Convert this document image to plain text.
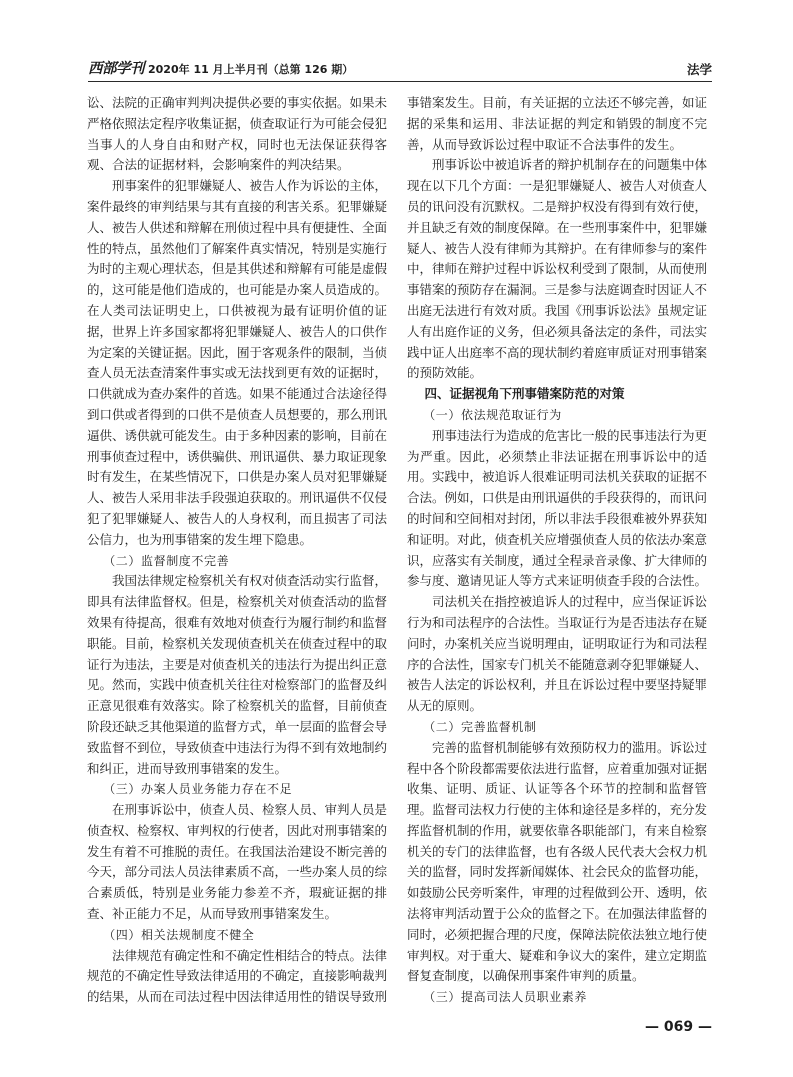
西部学刊 2020年 11 月上半月刊（总第 126 期）	法学

讼、法院的正确审判判决提供必要的事实依据。如果未严格依照法定程序收集证据，侦查取证行为可能会侵犯当事人的人身自由和财产权，同时也无法保证获得客观、合法的证据材料，会影响案件的判决结果。

刑事案件的犯罪嫌疑人、被告人作为诉讼的主体，案件最终的审判结果与其有直接的利害关系。犯罪嫌疑人、被告人供述和辩解在刑侦过程中具有便捷性、全面性的特点，虽然他们了解案件真实情况，特别是实施行为时的主观心理状态，但是其供述和辩解有可能是虚假的，这可能是他们造成的，也可能是办案人员造成的。在人类司法证明史上，口供被视为最有证明价值的证据，世界上许多国家都将犯罪嫌疑人、被告人的口供作为定案的关键证据。因此，囿于客观条件的限制，当侦查人员无法查清案件事实或无法找到更有效的证据时，口供就成为查办案件的首选。如果不能通过合法途径得到口供或者得到的口供不是侦查人员想要的，那么刑讯逼供、诱供就可能发生。由于多种因素的影响，目前在刑事侦查过程中，诱供骗供、刑讯逼供、暴力取证现象时有发生，在某些情况下，口供是办案人员对犯罪嫌疑人、被告人采用非法手段强迫获取的。刑讯逼供不仅侵犯了犯罪嫌疑人、被告人的人身权利，而且损害了司法公信力，也为刑事错案的发生埋下隐患。

（二）监督制度不完善

我国法律规定检察机关有权对侦查活动实行监督，即具有法律监督权。但是，检察机关对侦查活动的监督效果有待提高，很难有效地对侦查行为履行制约和监督职能。目前，检察机关发现侦查机关在侦查过程中的取证行为违法，主要是对侦查机关的违法行为提出纠正意见。然而，实践中侦查机关往往对检察部门的监督及纠正意见很难有效落实。除了检察机关的监督，目前侦查阶段还缺乏其他渠道的监督方式，单一层面的监督会导致监督不到位，导致侦查中违法行为得不到有效地制约和纠正，进而导致刑事错案的发生。

（三）办案人员业务能力存在不足

在刑事诉讼中，侦查人员、检察人员、审判人员是侦查权、检察权、审判权的行使者，因此对刑事错案的发生有着不可推脱的责任。在我国法治建设不断完善的今天，部分司法人员法律素质不高，一些办案人员的综合素质低，特别是业务能力参差不齐，瑕疵证据的排查、补正能力不足，从而导致刑事错案发生。

（四）相关法规制度不健全

法律规范有确定性和不确定性相结合的特点。法律规范的不确定性导致法律适用的不确定，直接影响裁判的结果，从而在司法过程中因法律适用性的错误导致刑

事错案发生。目前，有关证据的立法还不够完善，如证据的采集和运用、非法证据的判定和销毁的制度不完善，从而导致诉讼过程中取证不合法事件的发生。

刑事诉讼中被追诉者的辩护机制存在的问题集中体现在以下几个方面：一是犯罪嫌疑人、被告人对侦查人员的讯问没有沉默权。二是辩护权没有得到有效行使，并且缺乏有效的制度保障。在一些刑事案件中，犯罪嫌疑人、被告人没有律师为其辩护。在有律师参与的案件中，律师在辩护过程中诉讼权利受到了限制，从而使刑事错案的预防存在漏洞。三是参与法庭调查时因证人不出庭无法进行有效对质。我国《刑事诉讼法》虽规定证人有出庭作证的义务，但必须具备法定的条件，司法实践中证人出庭率不高的现状制约着庭审质证对刑事错案的预防效能。

四、证据视角下刑事错案防范的对策
（一）依法规范取证行为

刑事违法行为造成的危害比一般的民事违法行为更为严重。因此，必须禁止非法证据在刑事诉讼中的适用。实践中，被追诉人很难证明司法机关获取的证据不合法。例如，口供是由刑讯逼供的手段获得的，而讯问的时间和空间相对封闭，所以非法手段很难被外界获知和证明。对此，侦查机关应增强侦查人员的依法办案意识，应落实有关制度，通过全程录音录像、扩大律师的参与度、邀请见证人等方式来证明侦查手段的合法性。

司法机关在指控被追诉人的过程中，应当保证诉讼行为和司法程序的合法性。当取证行为是否违法存在疑问时，办案机关应当说明理由，证明取证行为和司法程序的合法性，国家专门机关不能随意剥夺犯罪嫌疑人、被告人法定的诉讼权利，并且在诉讼过程中要坚持疑罪从无的原则。

（二）完善监督机制

完善的监督机制能够有效预防权力的滥用。诉讼过程中各个阶段都需要依法进行监督，应着重加强对证据收集、证明、质证、认证等各个环节的控制和监督管理。监督司法权力行使的主体和途径是多样的，充分发挥监督机制的作用，就要依靠各职能部门，有来自检察机关的专门的法律监督，也有各级人民代表大会权力机关的监督，同时发挥新闻媒体、社会民众的监督功能，如鼓励公民旁听案件，审理的过程做到公开、透明，依法将审判活动置于公众的监督之下。在加强法律监督的同时，必须把握合理的尺度，保障法院依法独立地行使审判权。对于重大、疑难和争议大的案件，建立定期监督复查制度，以确保刑事案件审判的质量。

（三）提高司法人员职业素养
— 069 —
